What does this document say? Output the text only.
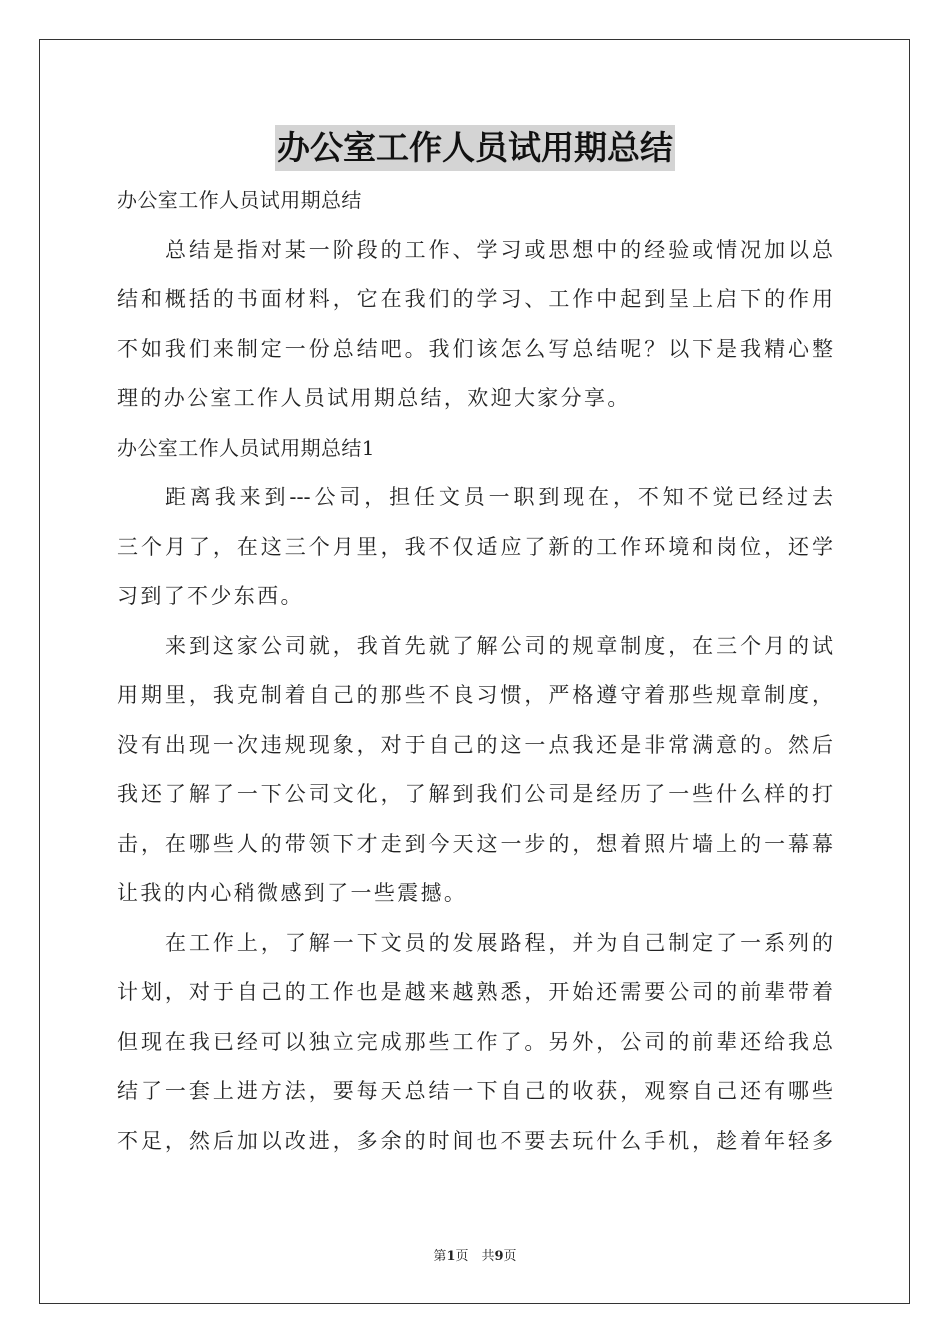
办公室工作人员试用期总结
办公室工作人员试用期总结
总结是指对某一阶段的工作、学习或思想中的经验或情况加以总
结和概括的书面材料，它在我们的学习、工作中起到呈上启下的作用
不如我们来制定一份总结吧。我们该怎么写总结呢？以下是我精心整
理的办公室工作人员试用期总结，欢迎大家分享。
办公室工作人员试用期总结1
距离我来到---公司，担任文员一职到现在，不知不觉已经过去
三个月了，在这三个月里，我不仅适应了新的工作环境和岗位，还学
习到了不少东西。
来到这家公司就，我首先就了解公司的规章制度，在三个月的试
用期里，我克制着自己的那些不良习惯，严格遵守着那些规章制度，
没有出现一次违规现象，对于自己的这一点我还是非常满意的。然后
我还了解了一下公司文化，了解到我们公司是经历了一些什么样的打
击，在哪些人的带领下才走到今天这一步的，想着照片墙上的一幕幕
让我的内心稍微感到了一些震撼。
在工作上，了解一下文员的发展路程，并为自己制定了一系列的
计划，对于自己的工作也是越来越熟悉，开始还需要公司的前辈带着
但现在我已经可以独立完成那些工作了。另外，公司的前辈还给我总
结了一套上进方法，要每天总结一下自己的收获，观察自己还有哪些
不足，然后加以改进，多余的时间也不要去玩什么手机，趁着年轻多
第1页　共9页
